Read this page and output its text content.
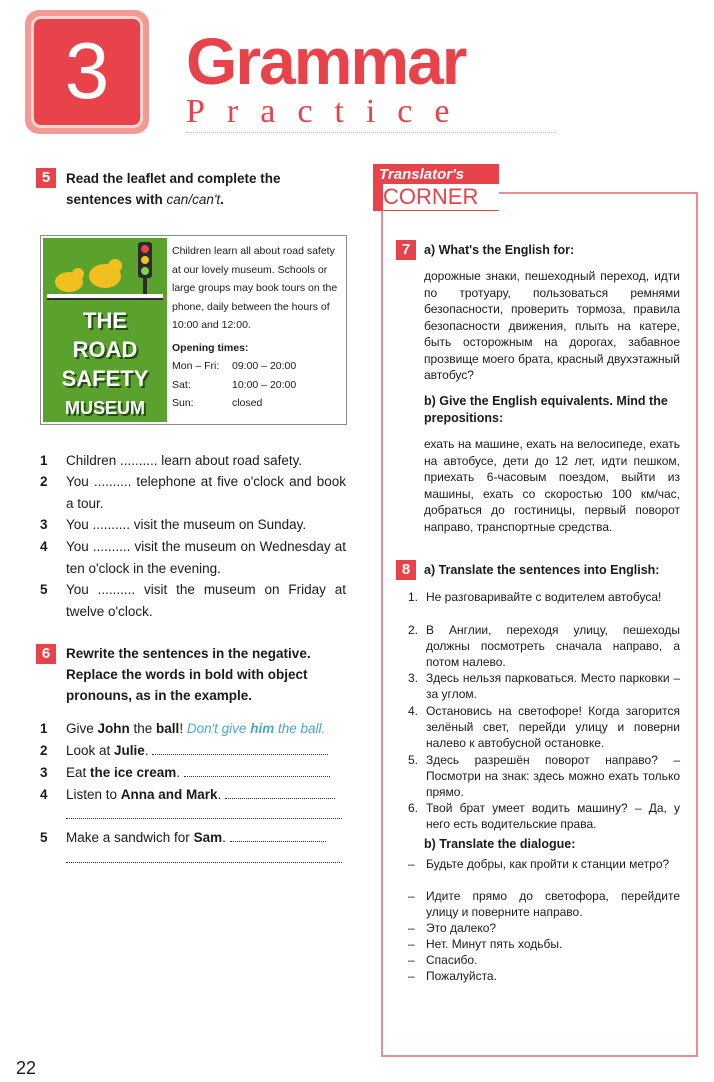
3	Grammar
Practice
5	Read the leaflet and complete the
sentences with can/can't.
THE
ROAD
SAFETY
MUSEUM
Children learn all about road safety at our lovely museum. Schools or large groups may book tours on the phone, daily between the hours of 10:00 and 12:00.
Opening times:
Mon – Fri: 09:00 – 20:00
Sat:	10:00 – 20:00
Sun:	closed
1 Children .......... learn about road safety.
2 You .......... telephone at five o'clock and book a tour.
3 You .......... visit the museum on Sunday.
4 You .......... visit the museum on Wednesday at ten o'clock in the evening.
5 You .......... visit the museum on Friday at twelve o'clock.
6	Rewrite the sentences in the negative.
Replace the words in bold with object
pronouns, as in the example.
1 Give John the ball! Don't give him the ball.
2 Look at Julie.
3 Eat the ice cream.
4 Listen to Anna and Mark.
5 Make a sandwich for Sam.
Translator's
CORNER
7	a) What's the English for:
дорожные знаки, пешеходный переход, идти по тротуару, пользоваться ремнями безопасности, проверить тормоза, правила безопасности движения, плыть на катере, быть осторожным на дорогах, забавное прозвище моего брата, красный двухэтажный автобус?
b) Give the English equivalents. Mind the prepositions:
ехать на машине, ехать на велосипеде, ехать на автобусе, дети до 12 лет, идти пешком, приехать 6-часовым поездом, выйти из машины, ехать со скоростью 100 км/час, добраться до гостиницы, первый поворот направо, транспортные средства.
8	a) Translate the sentences into English:
1. Не разговаривайте с водителем автобуса!
2. В Англии, переходя улицу, пешеходы должны посмотреть сначала направо, а потом налево.
3. Здесь нельзя парковаться. Место парковки – за углом.
4. Остановись на светофоре! Когда загорится зелёный свет, перейди улицу и поверни налево к автобусной остановке.
5. Здесь разрешён поворот направо? – Посмотри на знак: здесь можно ехать только прямо.
6. Твой брат умеет водить машину? – Да, у него есть водительские права.
b) Translate the dialogue:
– Будьте добры, как пройти к станции метро?
– Идите прямо до светофора, перейдите улицу и поверните направо.
– Это далеко?
– Нет. Минут пять ходьбы.
– Спасибо.
– Пожалуйста.
22
